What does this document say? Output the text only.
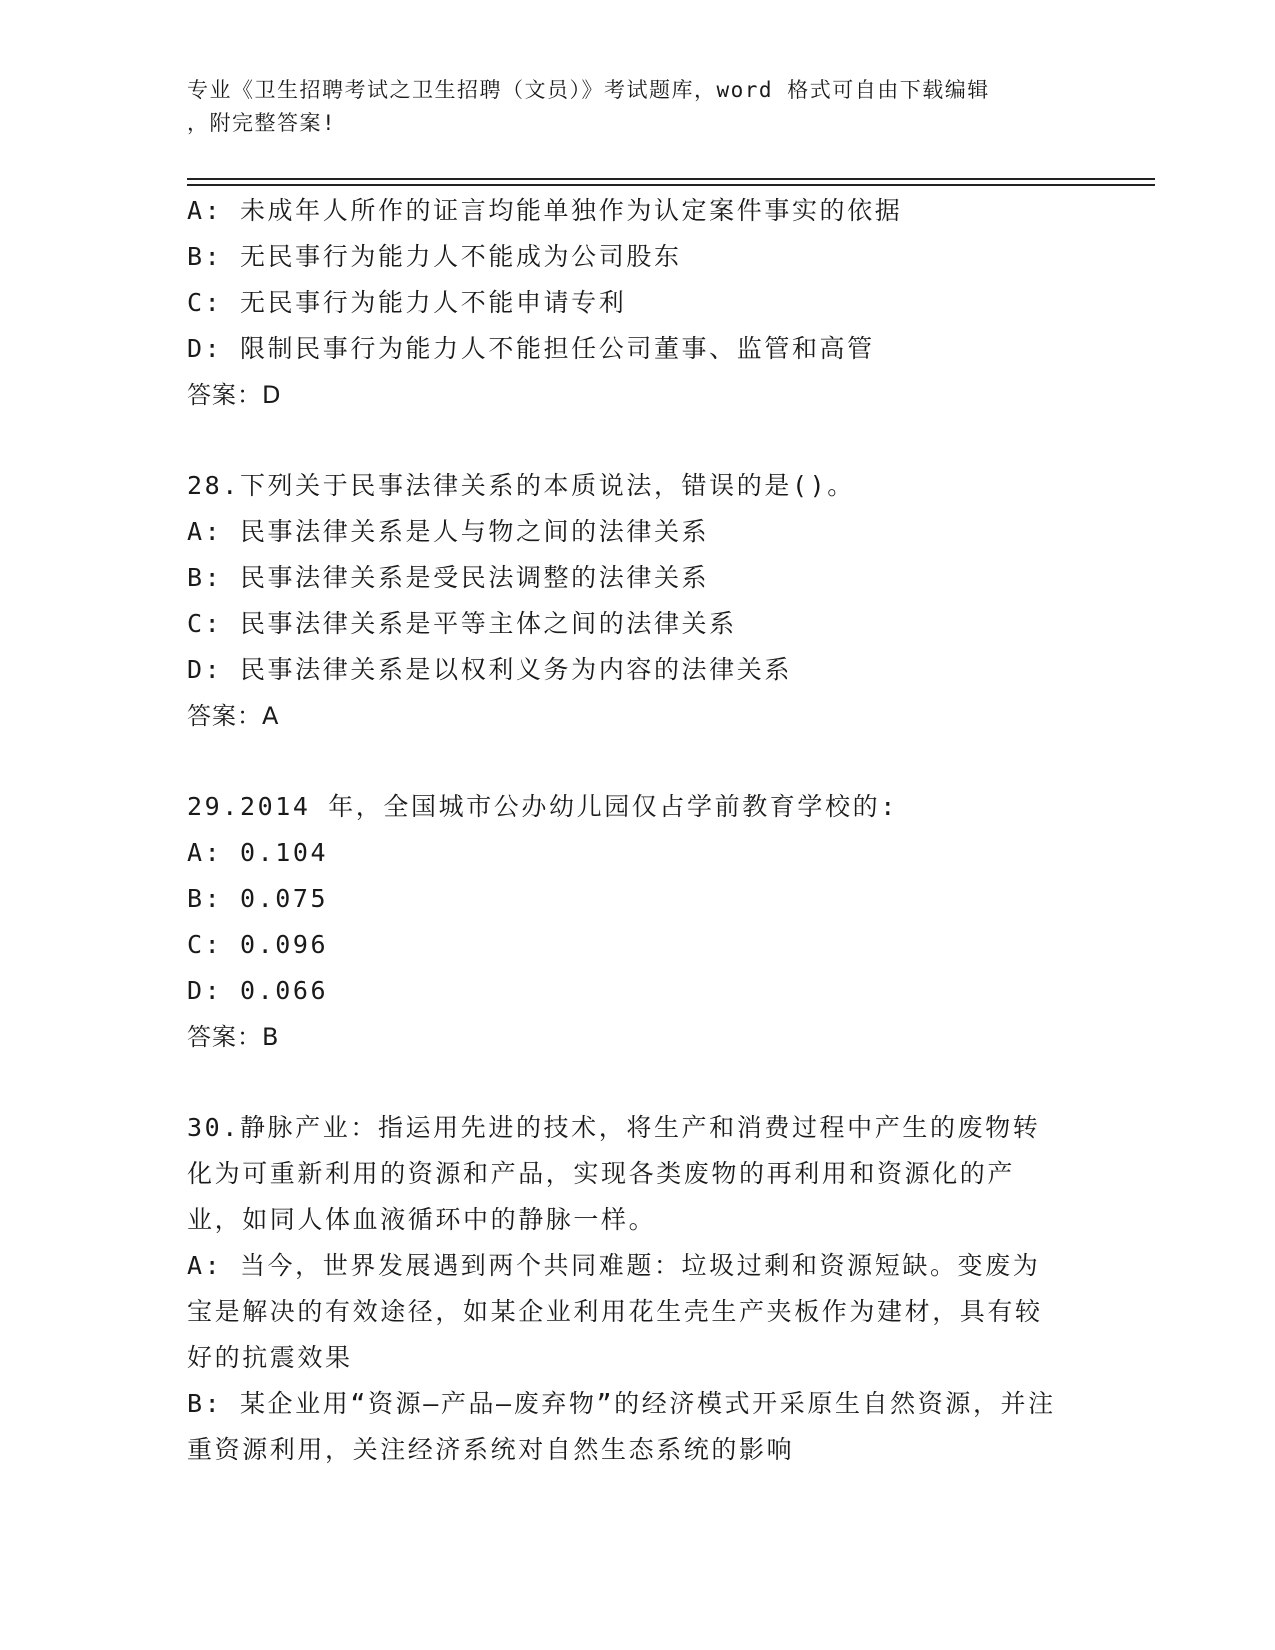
专业《卫生招聘考试之卫生招聘（文员）》考试题库，word 格式可自由下载编辑
，附完整答案!
A: 未成年人所作的证言均能单独作为认定案件事实的依据
B: 无民事行为能力人不能成为公司股东
C: 无民事行为能力人不能申请专利
D: 限制民事行为能力人不能担任公司董事、监管和高管
答案：D
28.下列关于民事法律关系的本质说法，错误的是()。
A: 民事法律关系是人与物之间的法律关系
B: 民事法律关系是受民法调整的法律关系
C: 民事法律关系是平等主体之间的法律关系
D: 民事法律关系是以权利义务为内容的法律关系
答案：A
29.2014 年，全国城市公办幼儿园仅占学前教育学校的:
A: 0.104
B: 0.075
C: 0.096
D: 0.066
答案：B
30.静脉产业：指运用先进的技术，将生产和消费过程中产生的废物转化为可重新利用的资源和产品，实现各类废物的再利用和资源化的产业，如同人体血液循环中的静脉一样。
A: 当今，世界发展遇到两个共同难题：垃圾过剩和资源短缺。变废为宝是解决的有效途径，如某企业利用花生壳生产夹板作为建材，具有较好的抗震效果
B: 某企业用“资源—产品—废弃物”的经济模式开采原生自然资源，并注重资源利用，关注经济系统对自然生态系统的影响
